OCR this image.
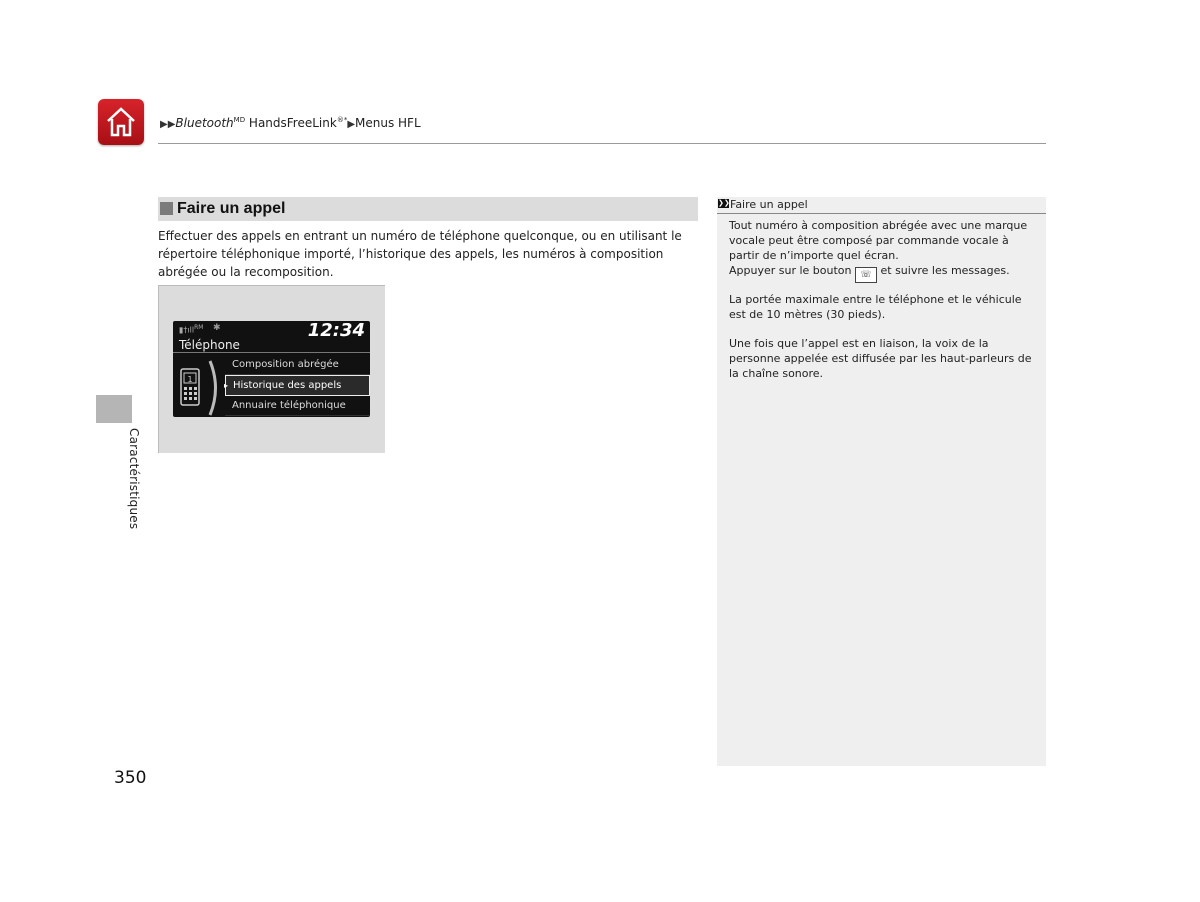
▶▶Bluetooth$^{MD}$ HandsFreeLink®*▶Menus HFL
Caractéristiques
Faire un appel
Effectuer des appels en entrant un numéro de téléphone quelconque, ou en utilisant le répertoire téléphonique importé, l’historique des appels, les numéros à composition abrégée ou la recomposition.
▮†ıll$^{RM}$ ✱	12:34
Téléphone
1
Composition abrégée
▸ Historique des appels
Annuaire téléphonique
❯❯ Faire un appel
Tout numéro à composition abrégée avec une marque vocale peut être composé par commande vocale à partir de n’importe quel écran.
Appuyer sur le bouton ☏ et suivre les messages.
La portée maximale entre le téléphone et le véhicule est de 10 mètres (30 pieds).
Une fois que l’appel est en liaison, la voix de la personne appelée est diffusée par les haut-parleurs de la chaîne sonore.
350
